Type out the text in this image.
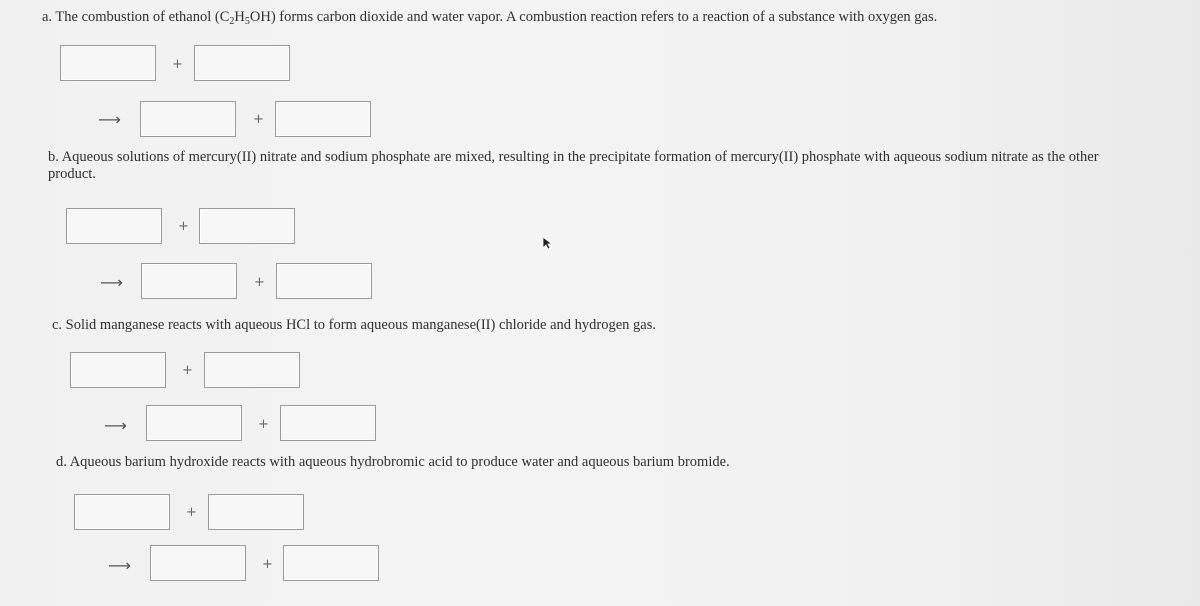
a. The combustion of ethanol $(C_2H_5OH)$ forms carbon dioxide and water vapor. A combustion reaction refers to a reaction of a substance with oxygen gas.
+
⟶	+
b. Aqueous solutions of mercury(II) nitrate and sodium phosphate are mixed, resulting in the precipitate formation of mercury(II) phosphate with aqueous sodium nitrate as the other product.
+
⟶	+
c. Solid manganese reacts with aqueous HCl to form aqueous manganese(II) chloride and hydrogen gas.
+
⟶	+
d. Aqueous barium hydroxide reacts with aqueous hydrobromic acid to produce water and aqueous barium bromide.
+
⟶	+
